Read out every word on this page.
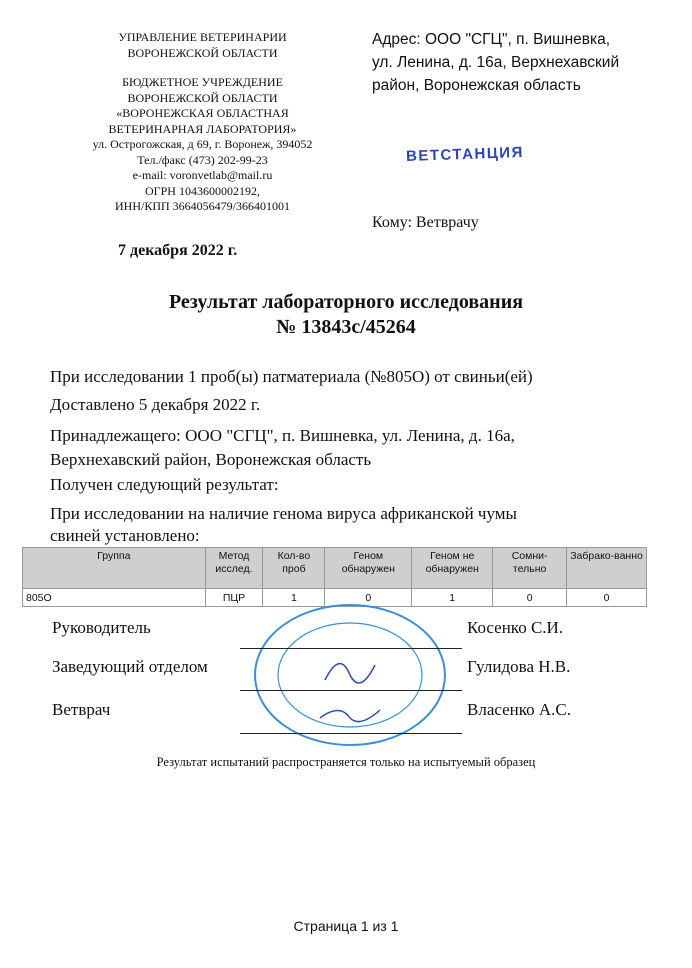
УПРАВЛЕНИЕ ВЕТЕРИНАРИИ
ВОРОНЕЖСКОЙ ОБЛАСТИ
БЮДЖЕТНОЕ УЧРЕЖДЕНИЕ
ВОРОНЕЖСКОЙ ОБЛАСТИ
«ВОРОНЕЖСКАЯ ОБЛАСТНАЯ
ВЕТЕРИНАРНАЯ ЛАБОРАТОРИЯ»
ул. Острогожская, д 69, г. Воронеж, 394052
Тел./факс (473) 202-99-23
e-mail: voronvetlab@mail.ru
ОГРН 1043600002192,
ИНН/КПП 3664056479/366401001
Адрес: ООО "СГЦ", п. Вишневка,
ул. Ленина, д. 16а, Верхнехавский
район, Воронежская область
ВЕТСТАНЦИЯ
Кому: Ветврачу
7 декабря 2022 г.
Результат лабораторного исследования
№ 13843с/45264
При исследовании 1 проб(ы) патматериала (№805О) от свиньи(ей)
Доставлено 5 декабря 2022 г.
Принадлежащего: ООО "СГЦ", п. Вишневка, ул. Ленина, д. 16а,
Верхнехавский район, Воронежская область
Получен следующий результат:
При исследовании на наличие генома вируса африканской чумы
свиней установлено:
Группа	Метод исслед.	Кол-во проб	Геном обнаружен	Геном не обнаружен	Сомни-тельно	Забрако-ванно
805О	ПЦР	1	0	1	0	0
Руководитель	Косенко С.И.
Заведующий отделом	Гулидова Н.В.
Ветврач	Власенко А.С.
Результат испытаний распространяется только на испытуемый образец
Страница 1 из 1
